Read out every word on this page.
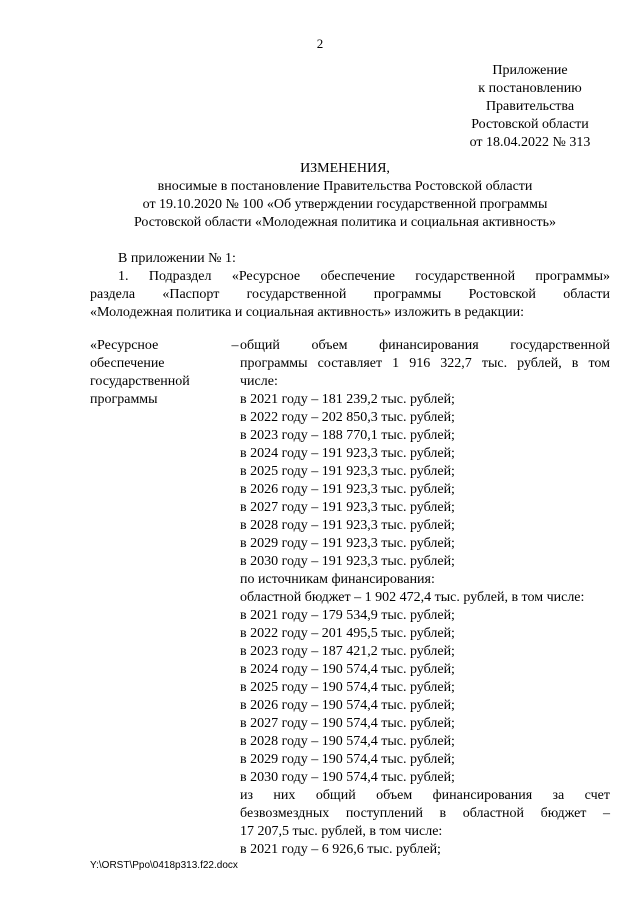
2
Приложение
к постановлению
Правительства
Ростовской области
от 18.04.2022 № 313
ИЗМЕНЕНИЯ,
вносимые в постановление Правительства Ростовской области
от 19.10.2020 № 100 «Об утверждении государственной программы
Ростовской области «Молодежная политика и социальная активность»
В приложении № 1:
1. Подраздел «Ресурсное обеспечение государственной программы»
раздела «Паспорт государственной программы Ростовской области
«Молодежная политика и социальная активность» изложить в редакции:
«Ресурсное
обеспечение
государственной
программы
– общий объем финансирования государственной
программы составляет 1 916 322,7 тыс. рублей, в том
числе:
в 2021 году – 181 239,2 тыс. рублей;
в 2022 году – 202 850,3 тыс. рублей;
в 2023 году – 188 770,1 тыс. рублей;
в 2024 году – 191 923,3 тыс. рублей;
в 2025 году – 191 923,3 тыс. рублей;
в 2026 году – 191 923,3 тыс. рублей;
в 2027 году – 191 923,3 тыс. рублей;
в 2028 году – 191 923,3 тыс. рублей;
в 2029 году – 191 923,3 тыс. рублей;
в 2030 году – 191 923,3 тыс. рублей;
по источникам финансирования:
областной бюджет – 1 902 472,4 тыс. рублей, в том числе:
в 2021 году – 179 534,9 тыс. рублей;
в 2022 году – 201 495,5 тыс. рублей;
в 2023 году – 187 421,2 тыс. рублей;
в 2024 году – 190 574,4 тыс. рублей;
в 2025 году – 190 574,4 тыс. рублей;
в 2026 году – 190 574,4 тыс. рублей;
в 2027 году – 190 574,4 тыс. рублей;
в 2028 году – 190 574,4 тыс. рублей;
в 2029 году – 190 574,4 тыс. рублей;
в 2030 году – 190 574,4 тыс. рублей;
из них общий объем финансирования за счет
безвозмездных поступлений в областной бюджет –
17 207,5 тыс. рублей, в том числе:
в 2021 году – 6 926,6 тыс. рублей;
Y:\ORST\Ppo\0418p313.f22.docx
